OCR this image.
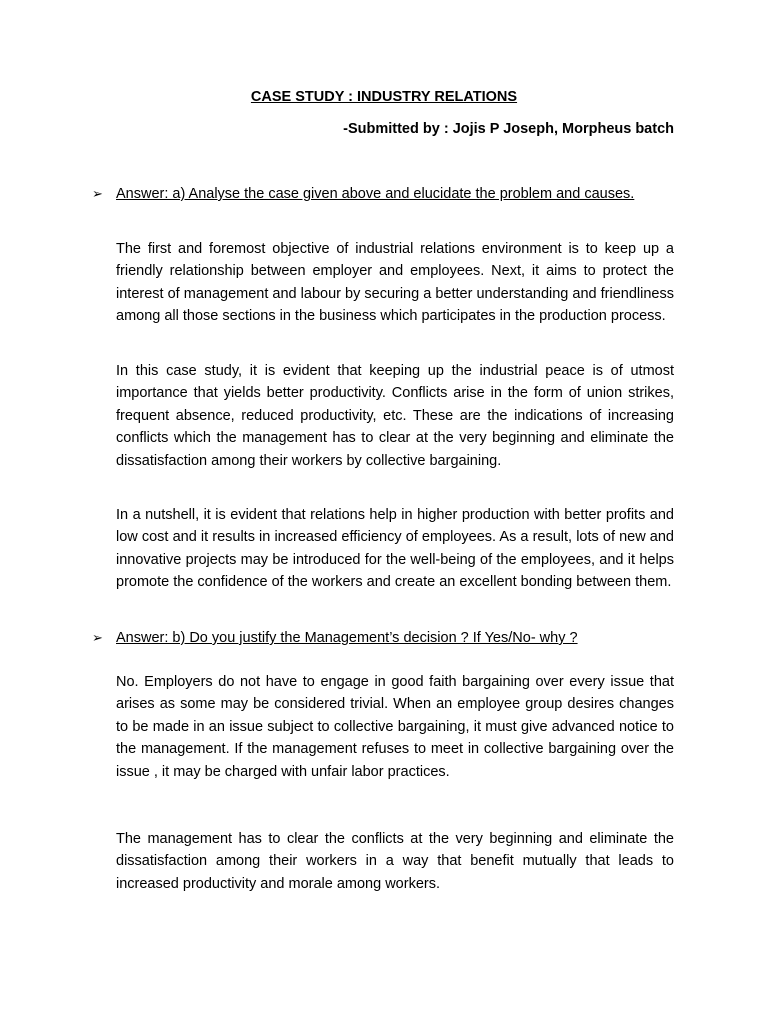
CASE STUDY : INDUSTRY RELATIONS
-Submitted by : Jojis P Joseph, Morpheus batch
➢ Answer: a) Analyse the case given above and elucidate the problem and causes.

The first and foremost objective of industrial relations environment is to keep up a friendly relationship between employer and employees. Next, it aims to protect the interest of management and labour by securing a better understanding and friendliness among all those sections in the business which participates in the production process.

In this case study, it is evident that keeping up the industrial peace is of utmost importance that yields better productivity. Conflicts arise in the form of union strikes, frequent absence, reduced productivity, etc. These are the indications of increasing conflicts which the management has to clear at the very beginning and eliminate the dissatisfaction among their workers by collective bargaining.

In a nutshell, it is evident that relations help in higher production with better profits and low cost and it results in increased efficiency of employees. As a result, lots of new and innovative projects may be introduced for the well-being of the employees, and it helps promote the confidence of the workers and create an excellent bonding between them.

➢ Answer: b) Do you justify the Management’s decision ? If Yes/No- why ?

No. Employers do not have to engage in good faith bargaining over every issue that arises as some may be considered trivial. When an employee group desires changes to be made in an issue subject to collective bargaining, it must give advanced notice to the management. If the management refuses to meet in collective bargaining over the issue , it may be charged with unfair labor practices.

The management has to clear the conflicts at the very beginning and eliminate the dissatisfaction among their workers in a way that benefit mutually that leads to increased productivity and morale among workers.
